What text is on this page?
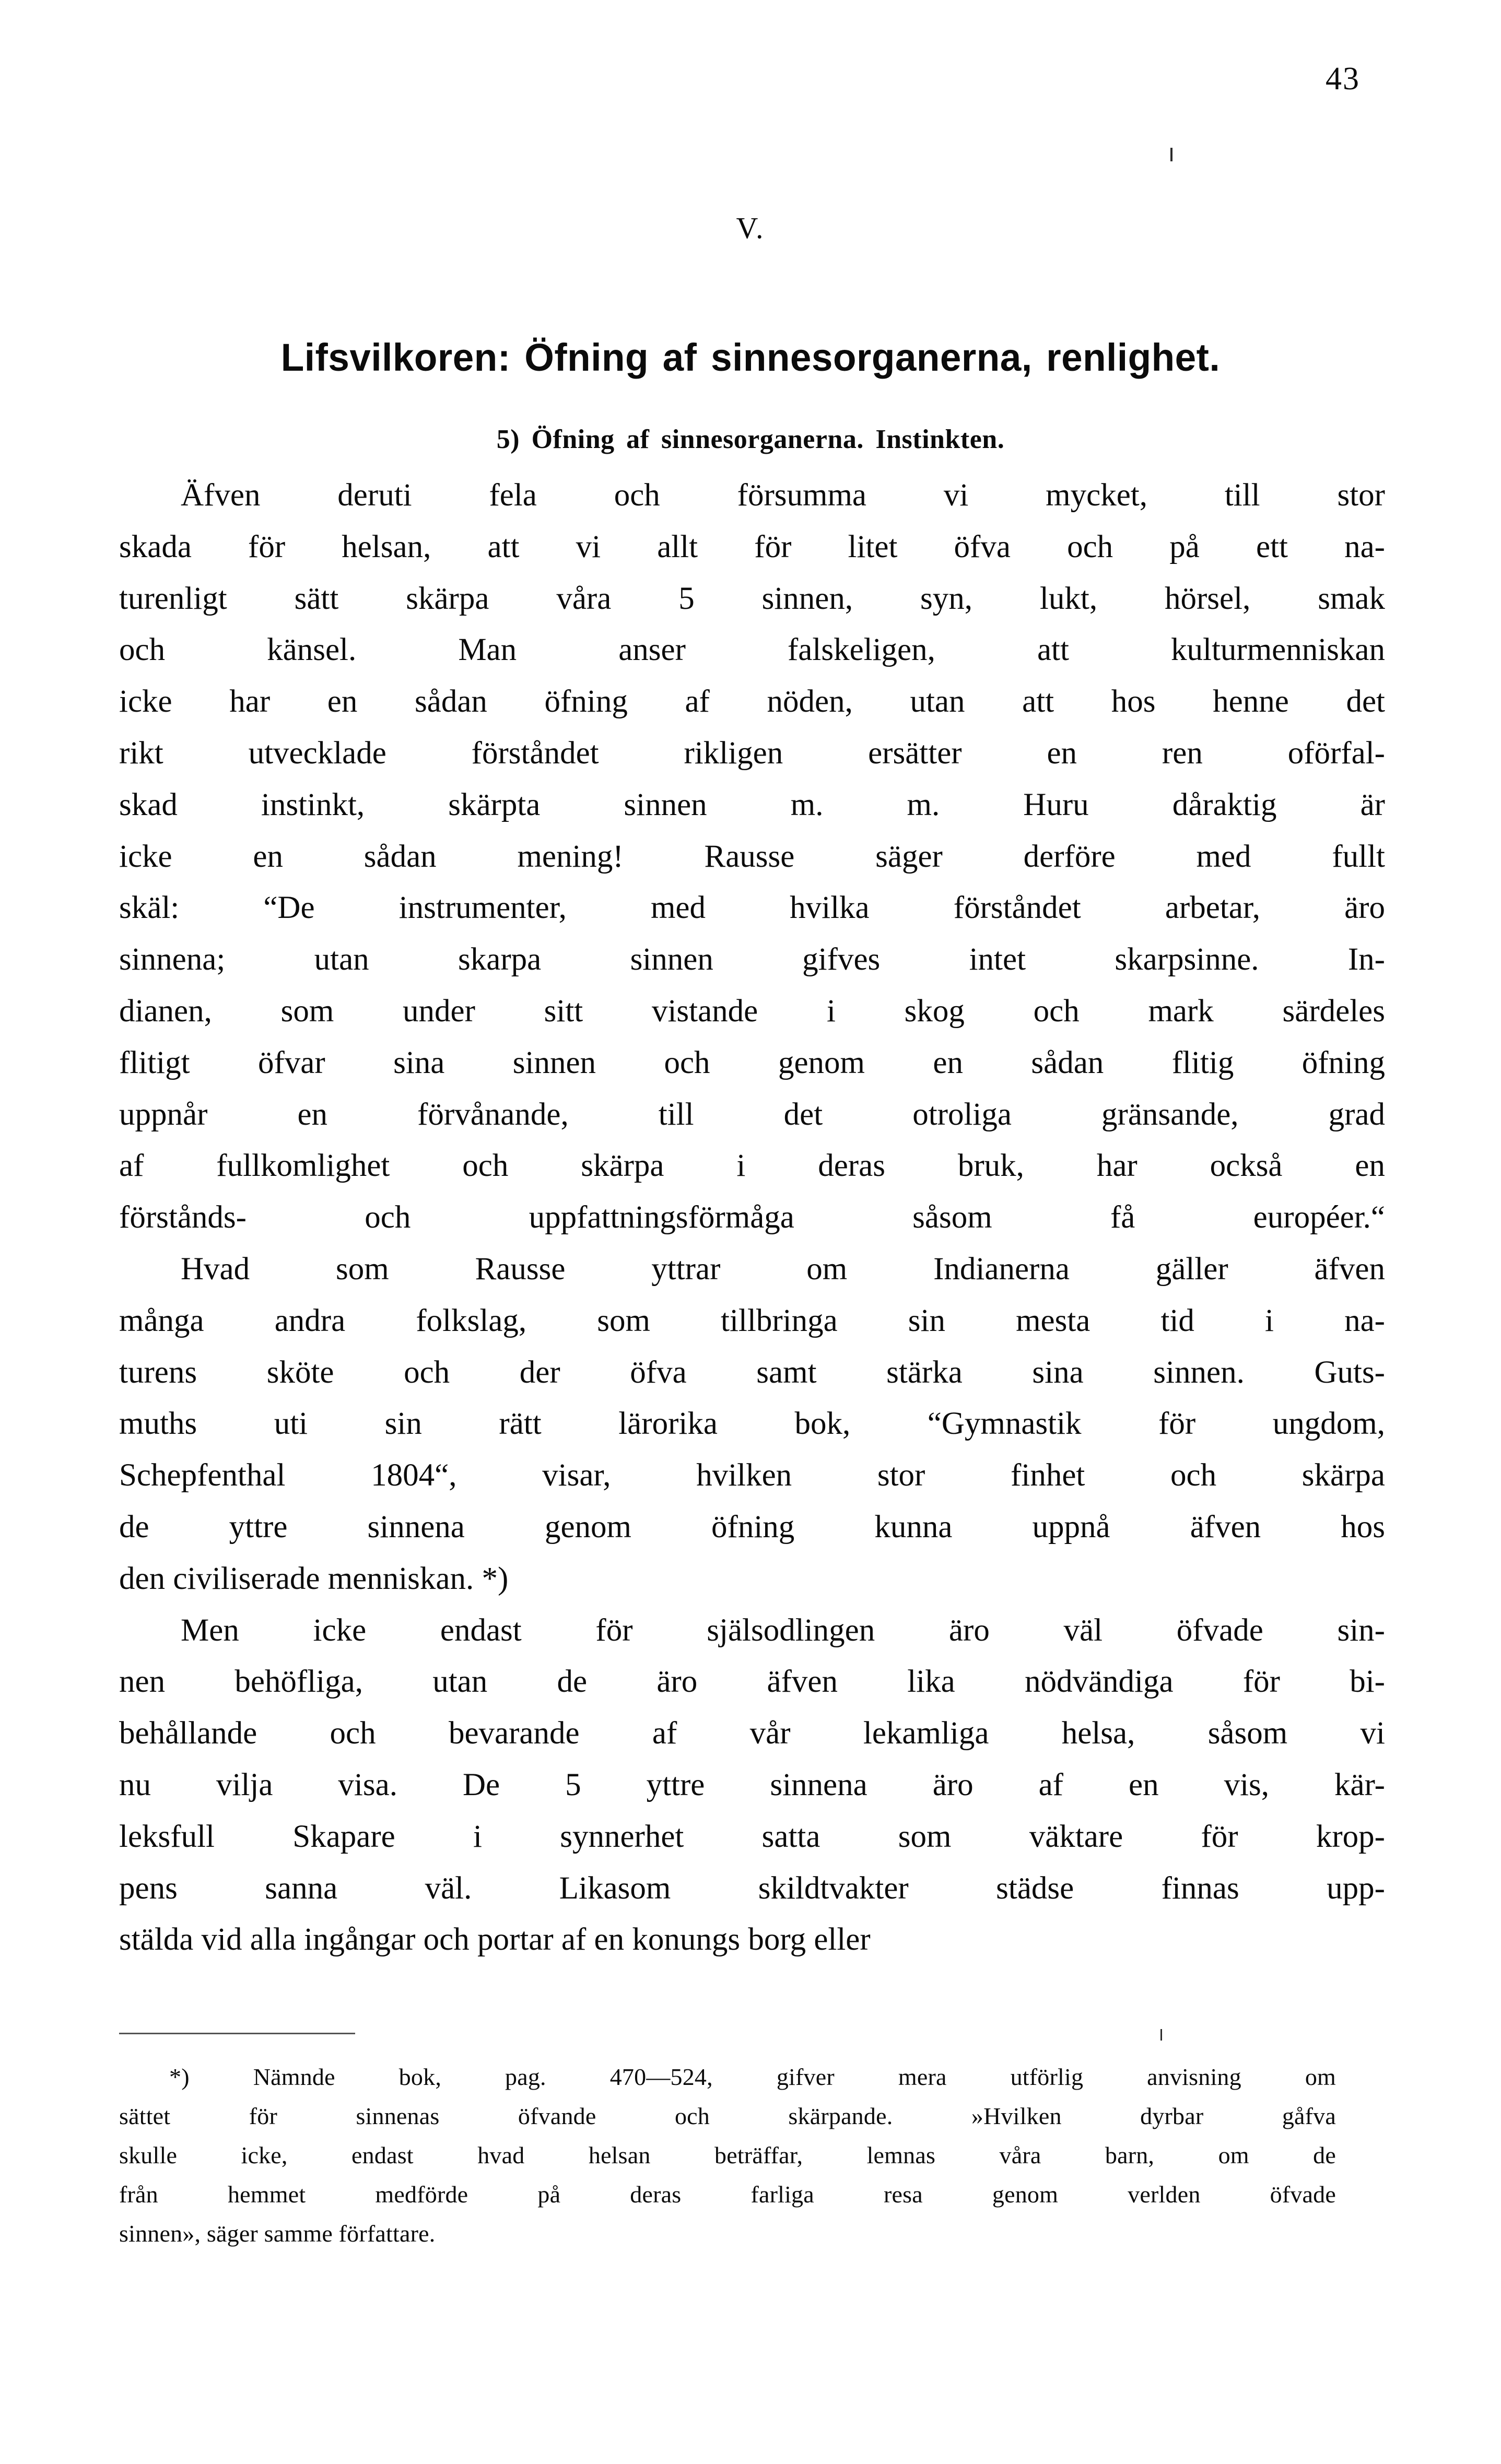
43
V.
Lifsvilkoren: Öfning af sinnesorganerna, renlighet.
5) Öfning af sinnesorganerna. Instinkten.
Äfven deruti fela och försumma vi mycket, till stor
skada för helsan, att vi allt för litet öfva och på ett na-
turenligt sätt skärpa våra 5 sinnen, syn, lukt, hörsel, smak
och känsel. Man anser falskeligen, att kulturmenniskan
icke har en sådan öfning af nöden, utan att hos henne det
rikt utvecklade förståndet rikligen ersätter en ren oförfal-
skad instinkt, skärpta sinnen m. m. Huru dåraktig är
icke en sådan mening! Rausse säger derföre med fullt
skäl: “De instrumenter, med hvilka förståndet arbetar, äro
sinnena; utan skarpa sinnen gifves intet skarpsinne. In-
dianen, som under sitt vistande i skog och mark särdeles
flitigt öfvar sina sinnen och genom en sådan flitig öfning
uppnår en förvånande, till det otroliga gränsande, grad
af fullkomlighet och skärpa i deras bruk, har också en
förstånds- och uppfattningsförmåga såsom få européer.“
Hvad som Rausse yttrar om Indianerna gäller äfven
många andra folkslag, som tillbringa sin mesta tid i na-
turens sköte och der öfva samt stärka sina sinnen. Guts-
muths uti sin rätt lärorika bok, “Gymnastik för ungdom,
Schepfenthal 1804“, visar, hvilken stor finhet och skärpa
de yttre sinnena genom öfning kunna uppnå äfven hos
den civiliserade menniskan. *)
Men icke endast för själsodlingen äro väl öfvade sin-
nen behöfliga, utan de äro äfven lika nödvändiga för bi-
behållande och bevarande af vår lekamliga helsa, såsom vi
nu vilja visa. De 5 yttre sinnena äro af en vis, kär-
leksfull Skapare i synnerhet satta som väktare för krop-
pens sanna väl. Likasom skildtvakter städse finnas upp-
stälda vid alla ingångar och portar af en konungs borg eller
*) Nämnde bok, pag. 470—524, gifver mera utförlig anvisning om
sättet för sinnenas öfvande och skärpande. »Hvilken dyrbar gåfva
skulle icke, endast hvad helsan beträffar, lemnas våra barn, om de
från hemmet medförde på deras farliga resa genom verlden öfvade
sinnen», säger samme författare.
